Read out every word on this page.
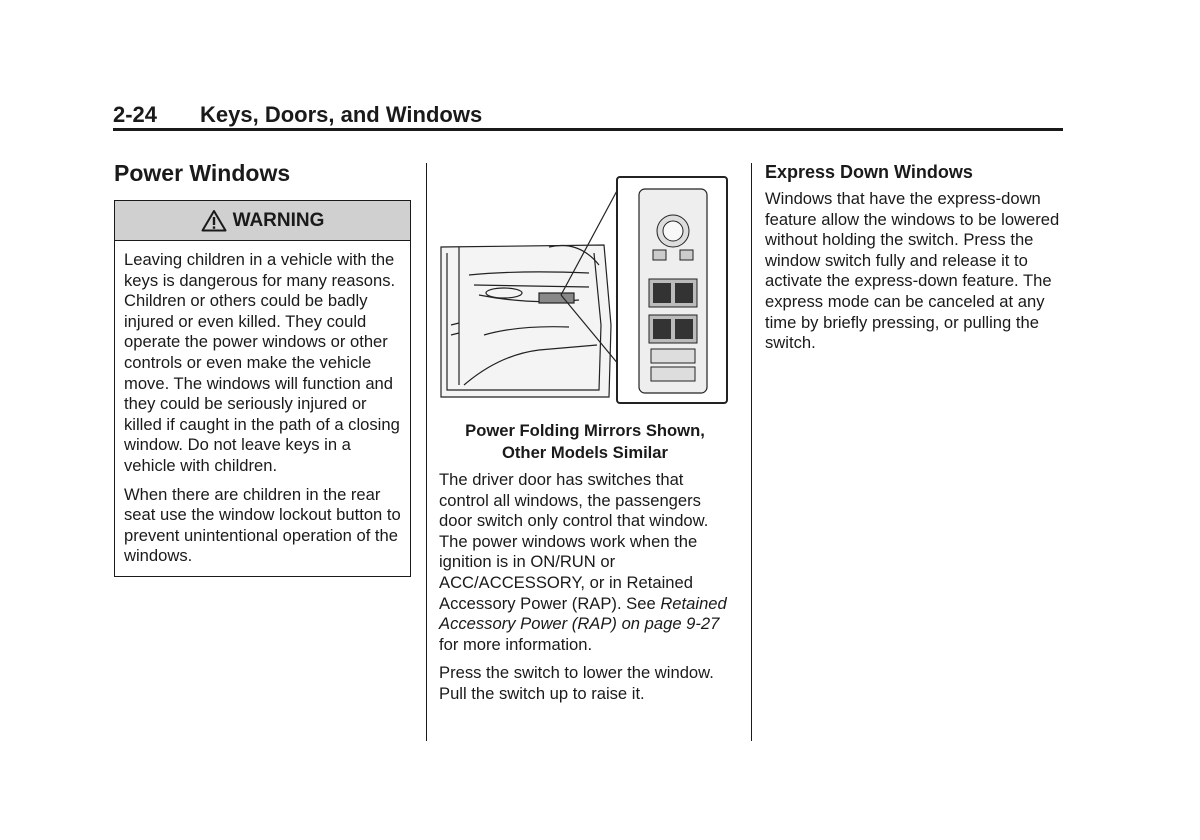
2-24 Keys, Doors, and Windows
Power Windows
WARNING

Leaving children in a vehicle with the keys is dangerous for many reasons. Children or others could be badly injured or even killed. They could operate the power windows or other controls or even make the vehicle move. The windows will function and they could be seriously injured or killed if caught in the path of a closing window. Do not leave keys in a vehicle with children.

When there are children in the rear seat use the window lockout button to prevent unintentional operation of the windows.

Power Folding Mirrors Shown,
Other Models Similar

The driver door has switches that control all windows, the passengers door switch only control that window. The power windows work when the ignition is in ON/RUN or ACC/ACCESSORY, or in Retained Accessory Power (RAP). See Retained Accessory Power (RAP) on page 9-27 for more information.

Press the switch to lower the window. Pull the switch up to raise it.

Express Down Windows

Windows that have the express-down feature allow the windows to be lowered without holding the switch. Press the window switch fully and release it to activate the express-down feature. The express mode can be canceled at any time by briefly pressing, or pulling the switch.
